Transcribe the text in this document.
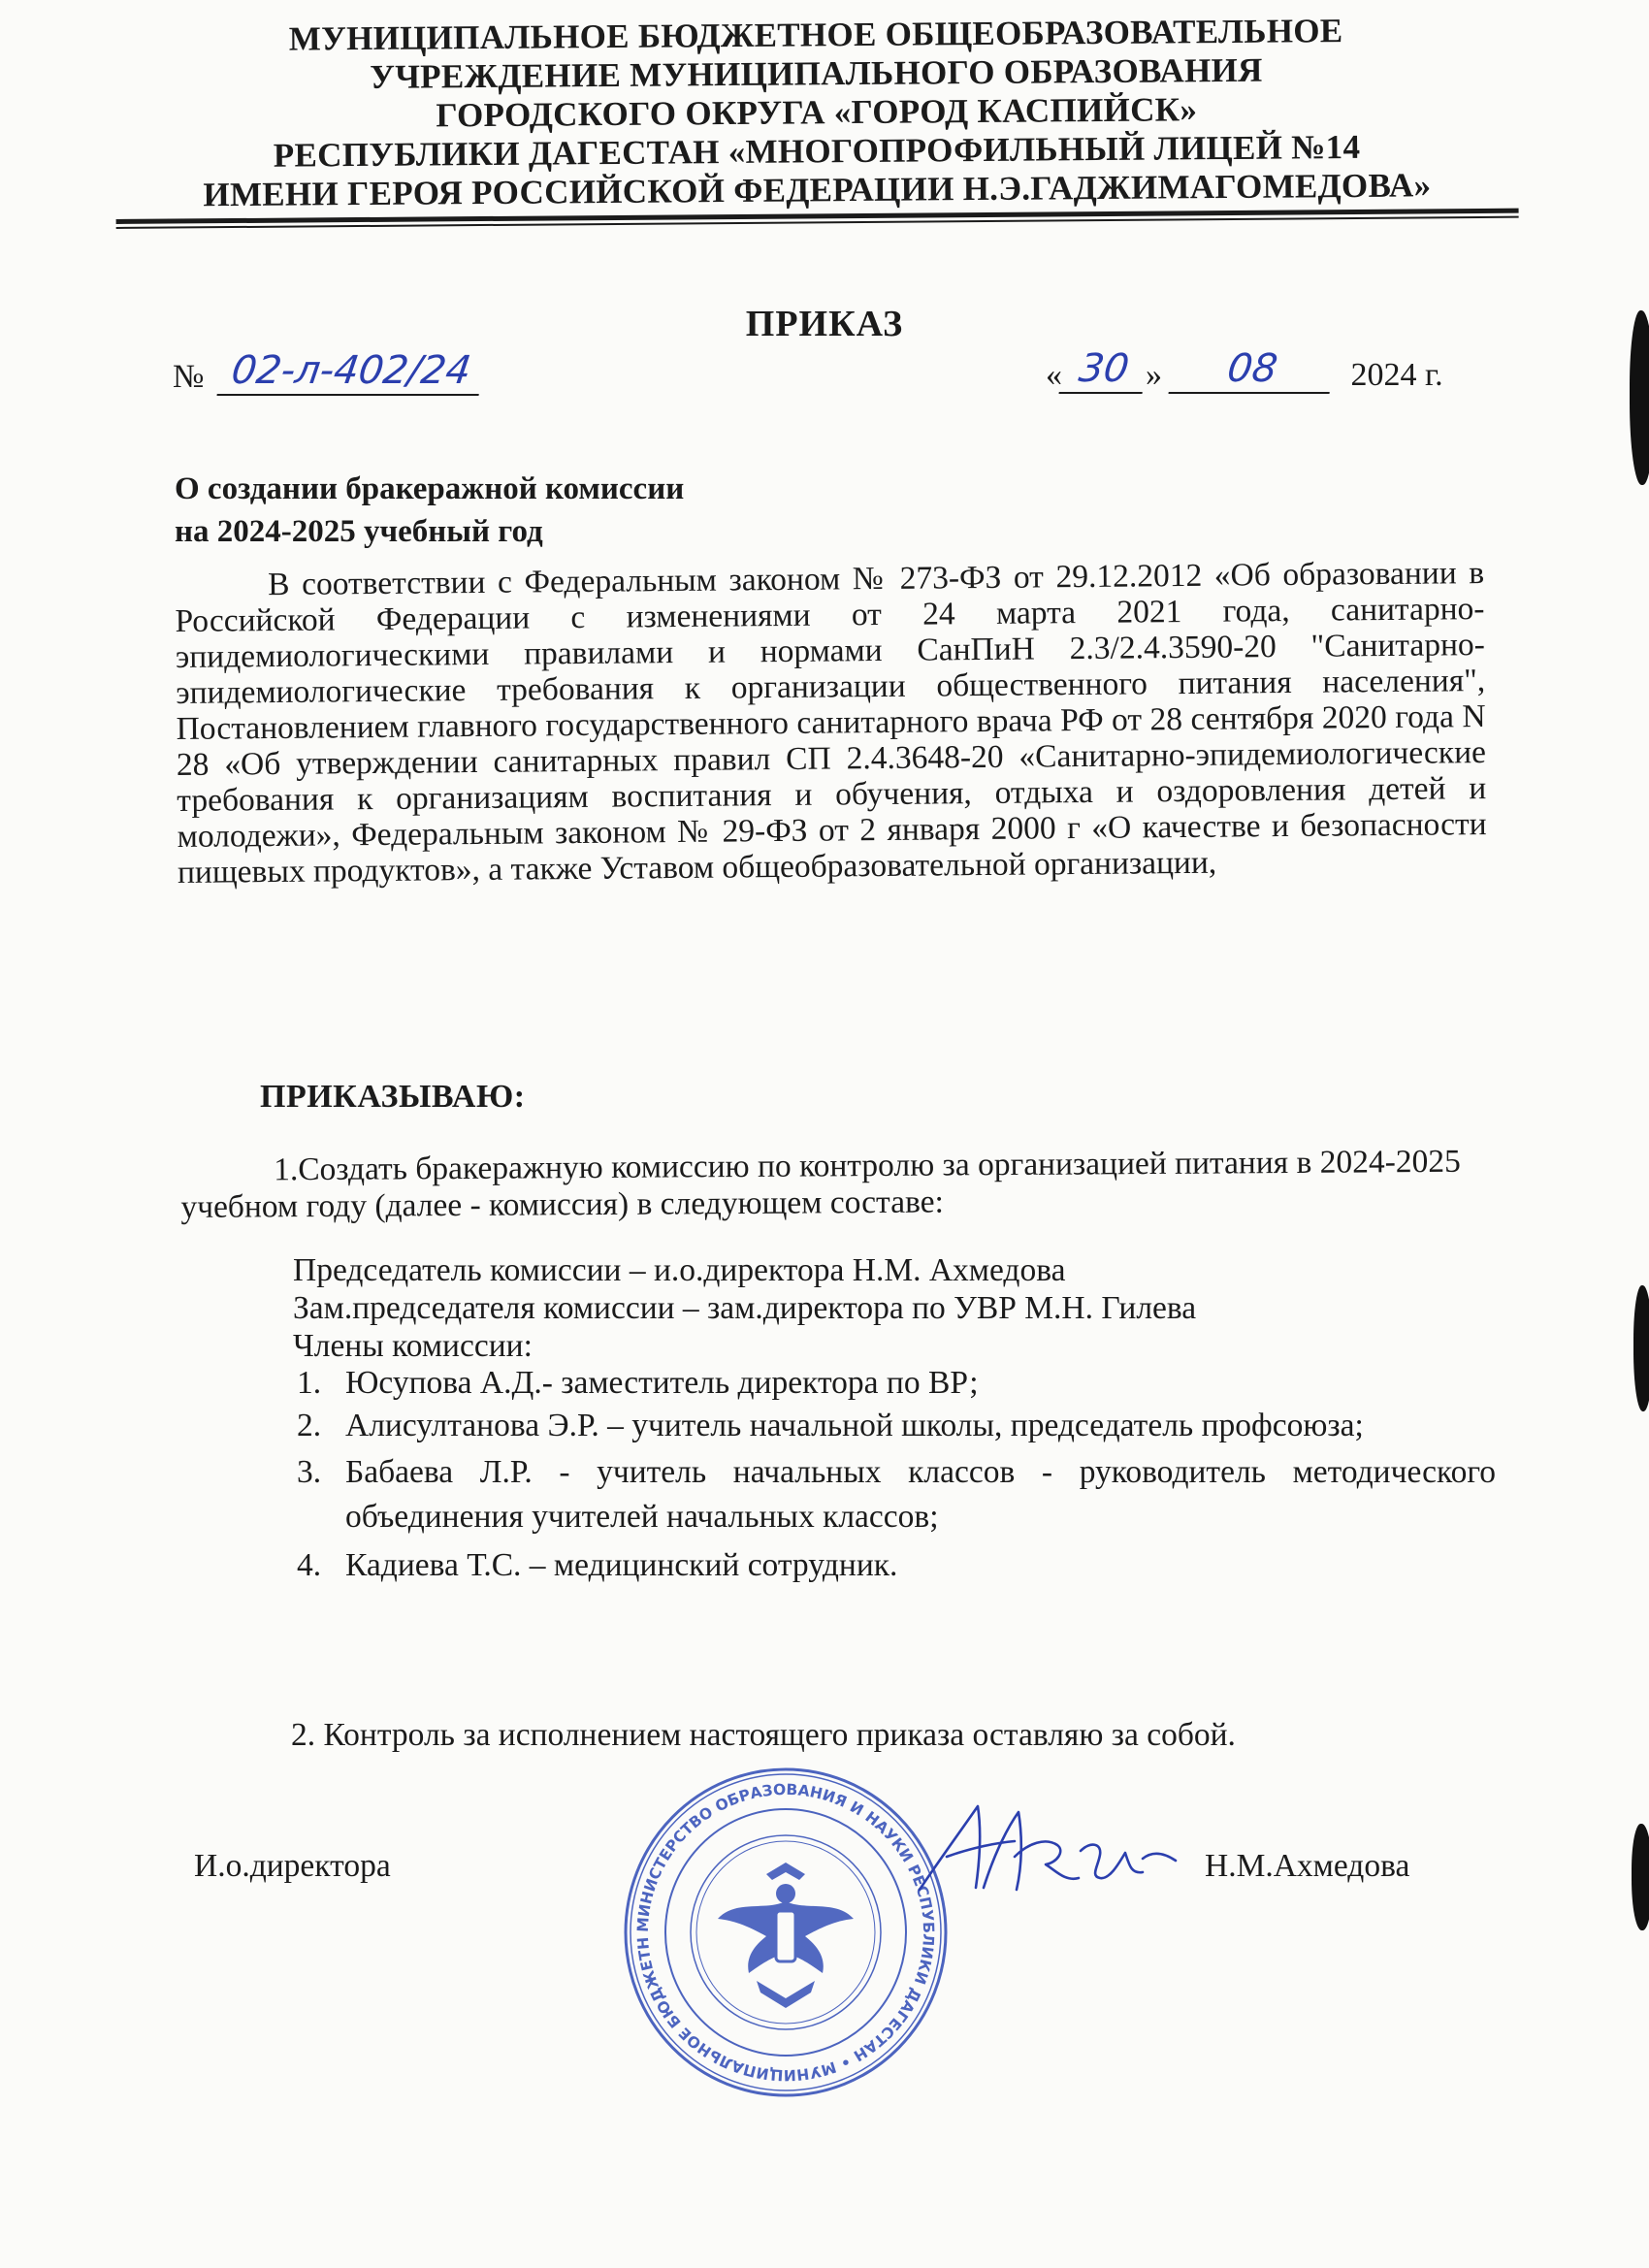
МУНИЦИПАЛЬНОЕ БЮДЖЕТНОЕ ОБЩЕОБРАЗОВАТЕЛЬНОЕ
УЧРЕЖДЕНИЕ МУНИЦИПАЛЬНОГО ОБРАЗОВАНИЯ
ГОРОДСКОГО ОКРУГА «ГОРОД КАСПИЙСК»
РЕСПУБЛИКИ ДАГЕСТАН «МНОГОПРОФИЛЬНЫЙ ЛИЦЕЙ №14
ИМЕНИ ГЕРОЯ РОССИЙСКОЙ ФЕДЕРАЦИИ Н.Э.ГАДЖИМАГОМЕДОВА»
ПРИКАЗ
№ 02-л-402/24	« 30 » 08 2024 г.
О создании бракеражной комиссии
на 2024-2025 учебный год
В соответствии с Федеральным законом № 273-ФЗ от 29.12.2012 «Об образовании в Российской Федерации с изменениями от 24 марта 2021 года, санитарно-эпидемиологическими правилами и нормами СанПиН 2.3/2.4.3590-20 "Санитарно-эпидемиологические требования к организации общественного питания населения", Постановлением главного государственного санитарного врача РФ от 28 сентября 2020 года N 28 «Об утверждении санитарных правил СП 2.4.3648-20 «Санитарно-эпидемиологические требования к организациям воспитания и обучения, отдыха и оздоровления детей и молодежи», Федеральным законом № 29-ФЗ от 2 января 2000 г «О качестве и безопасности пищевых продуктов», а также Уставом общеобразовательной организации,
ПРИКАЗЫВАЮ:
1.Создать бракеражную комиссию по контролю за организацией питания в 2024-2025 учебном году (далее - комиссия) в следующем составе:
Председатель комиссии – и.о.директора Н.М. Ахмедова
Зам.председателя комиссии – зам.директора по УВР М.Н. Гилева
Члены комиссии:
1. Юсупова А.Д.- заместитель директора по ВР;
2. Алисултанова Э.Р. – учитель начальной школы, председатель профсоюза;
3. Бабаева Л.Р. - учитель начальных классов - руководитель методического объединения учителей начальных классов;
4. Кадиева Т.С. – медицинский сотрудник.
2. Контроль за исполнением настоящего приказа оставляю за собой.
МИНИСТЕРСТВО ОБРАЗОВАНИЯ И НАУКИ РЕСПУБЛИКИ ДАГЕСТАН • МУНИЦИПАЛЬНОЕ БЮДЖЕТН
И.о.директора	Н.М.Ахмедова
